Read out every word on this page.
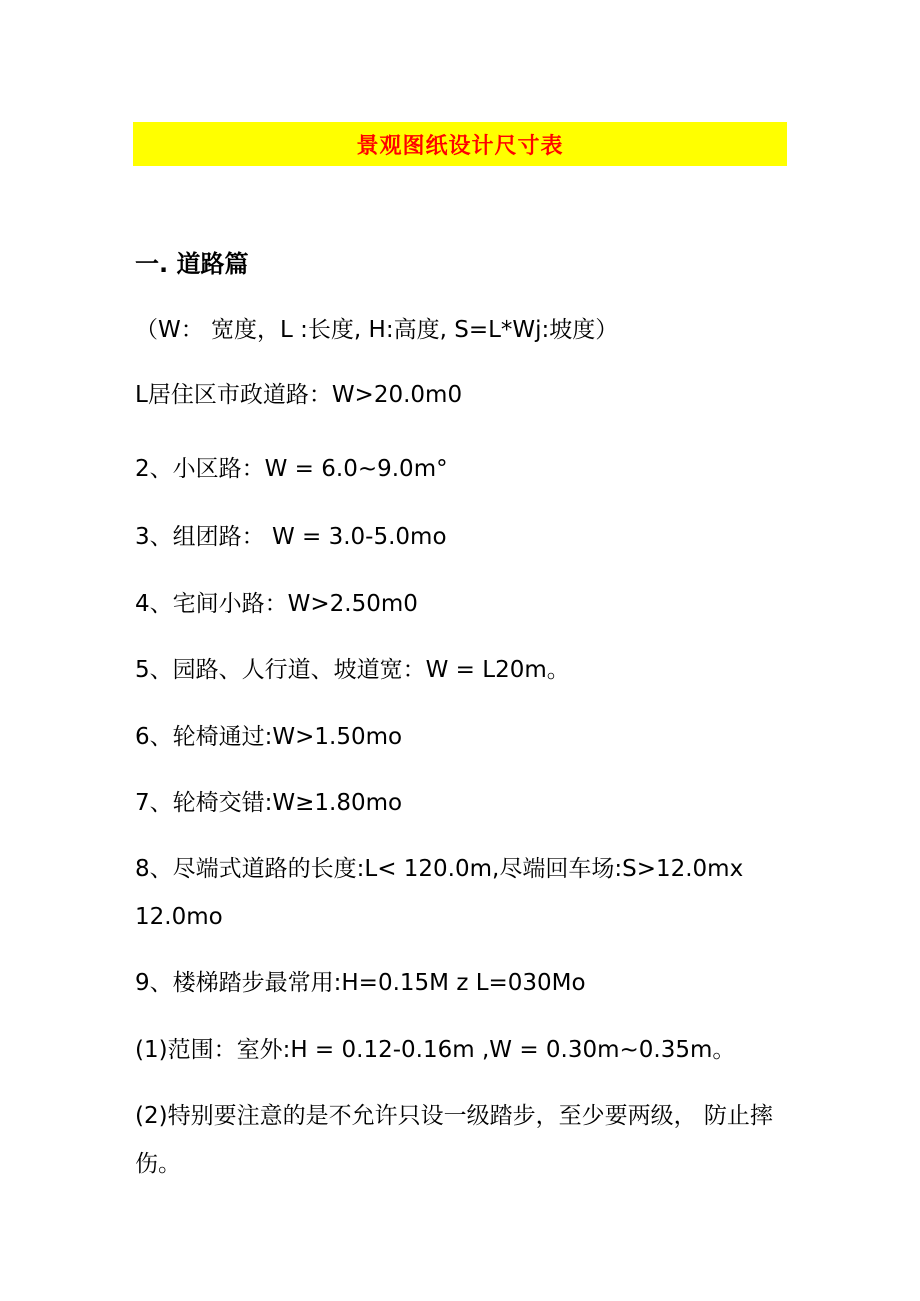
景观图纸设计尺寸表
一. 道路篇
（W： 宽度，L :长度, H:高度, S=L*Wj:坡度）
L居住区市政道路：W>20.0m0
2、小区路：W = 6.0~9.0m°
3、组团路： W = 3.0-5.0mo
4、宅间小路：W>2.50m0
5、园路、人行道、坡道宽：W = L20m。
6、轮椅通过:W>1.50mo
7、轮椅交错:W≥1.80mo
8、尽端式道路的长度:L< 120.0m,尽端回车场:S>12.0mx 12.0mo
9、楼梯踏步最常用:H=0.15M z L=030Mo
(1)范围：室外:H = 0.12-0.16m ,W = 0.30m~0.35m。
(2)特别要注意的是不允许只设一级踏步，至少要两级， 防止摔伤。
